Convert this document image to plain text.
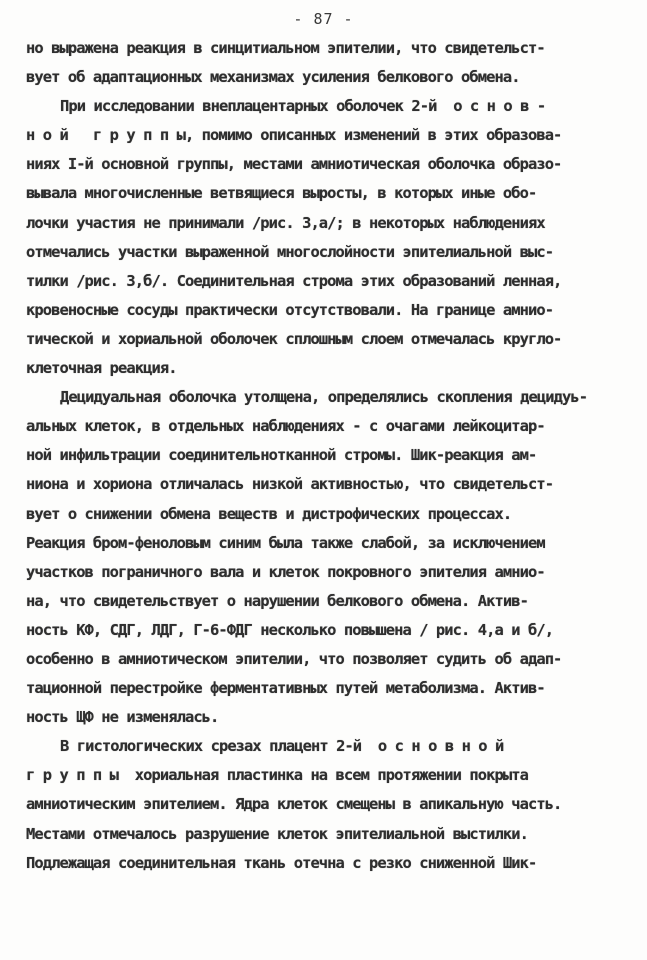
- 87 -
но выражена реакция в синцитиальном эпителии, что свидетельст-
вует об адаптационных механизмах усиления белкового обмена.
При исследовании внеплацентарных оболочек 2-й  о с н о в -
н о й   г р у п п ы, помимо описанных изменений в этих образова-
ниях I-й основной группы, местами амниотическая оболочка образо-
вывала многочисленные ветвящиеся выросты, в которых иные обо-
лочки участия не принимали /рис. 3,а/; в некоторых наблюдениях
отмечались участки выраженной многослойности эпителиальной выс-
тилки /рис. 3,б/. Соединительная строма этих образований ленная,
кровеносные сосуды практически отсутствовали. На границе амнио-
тической и хориальной оболочек сплошным слоем отмечалась кругло-
клеточная реакция.
Децидуальная оболочка утолщена, определялись скопления децидуь-
альных клеток, в отдельных наблюдениях - с очагами лейкоцитар-
ной инфильтрации соединительнотканной стромы. Шик-реакция ам-
ниона и хориона отличалась низкой активностью, что свидетельст-
вует о снижении обмена веществ и дистрофических процессах.
Реакция бром-феноловым синим была также слабой, за исключением
участков пограничного вала и клеток покровного эпителия амнио-
на, что свидетельствует о нарушении белкового обмена. Актив-
ность КФ, СДГ, ЛДГ, Г-6-ФДГ несколько повышена / рис. 4,а и б/,
особенно в амниотическом эпителии, что позволяет судить об адап-
тационной перестройке ферментативных путей метаболизма. Актив-
ность ЩФ не изменялась.
В гистологических срезах плацент 2-й  о с н о в н о й
г р у п п ы  хориальная пластинка на всем протяжении покрыта
амниотическим эпителием. Ядра клеток смещены в апикальную часть.
Местами отмечалось разрушение клеток эпителиальной выстилки.
Подлежащая соединительная ткань отечна с резко сниженной Шик-
